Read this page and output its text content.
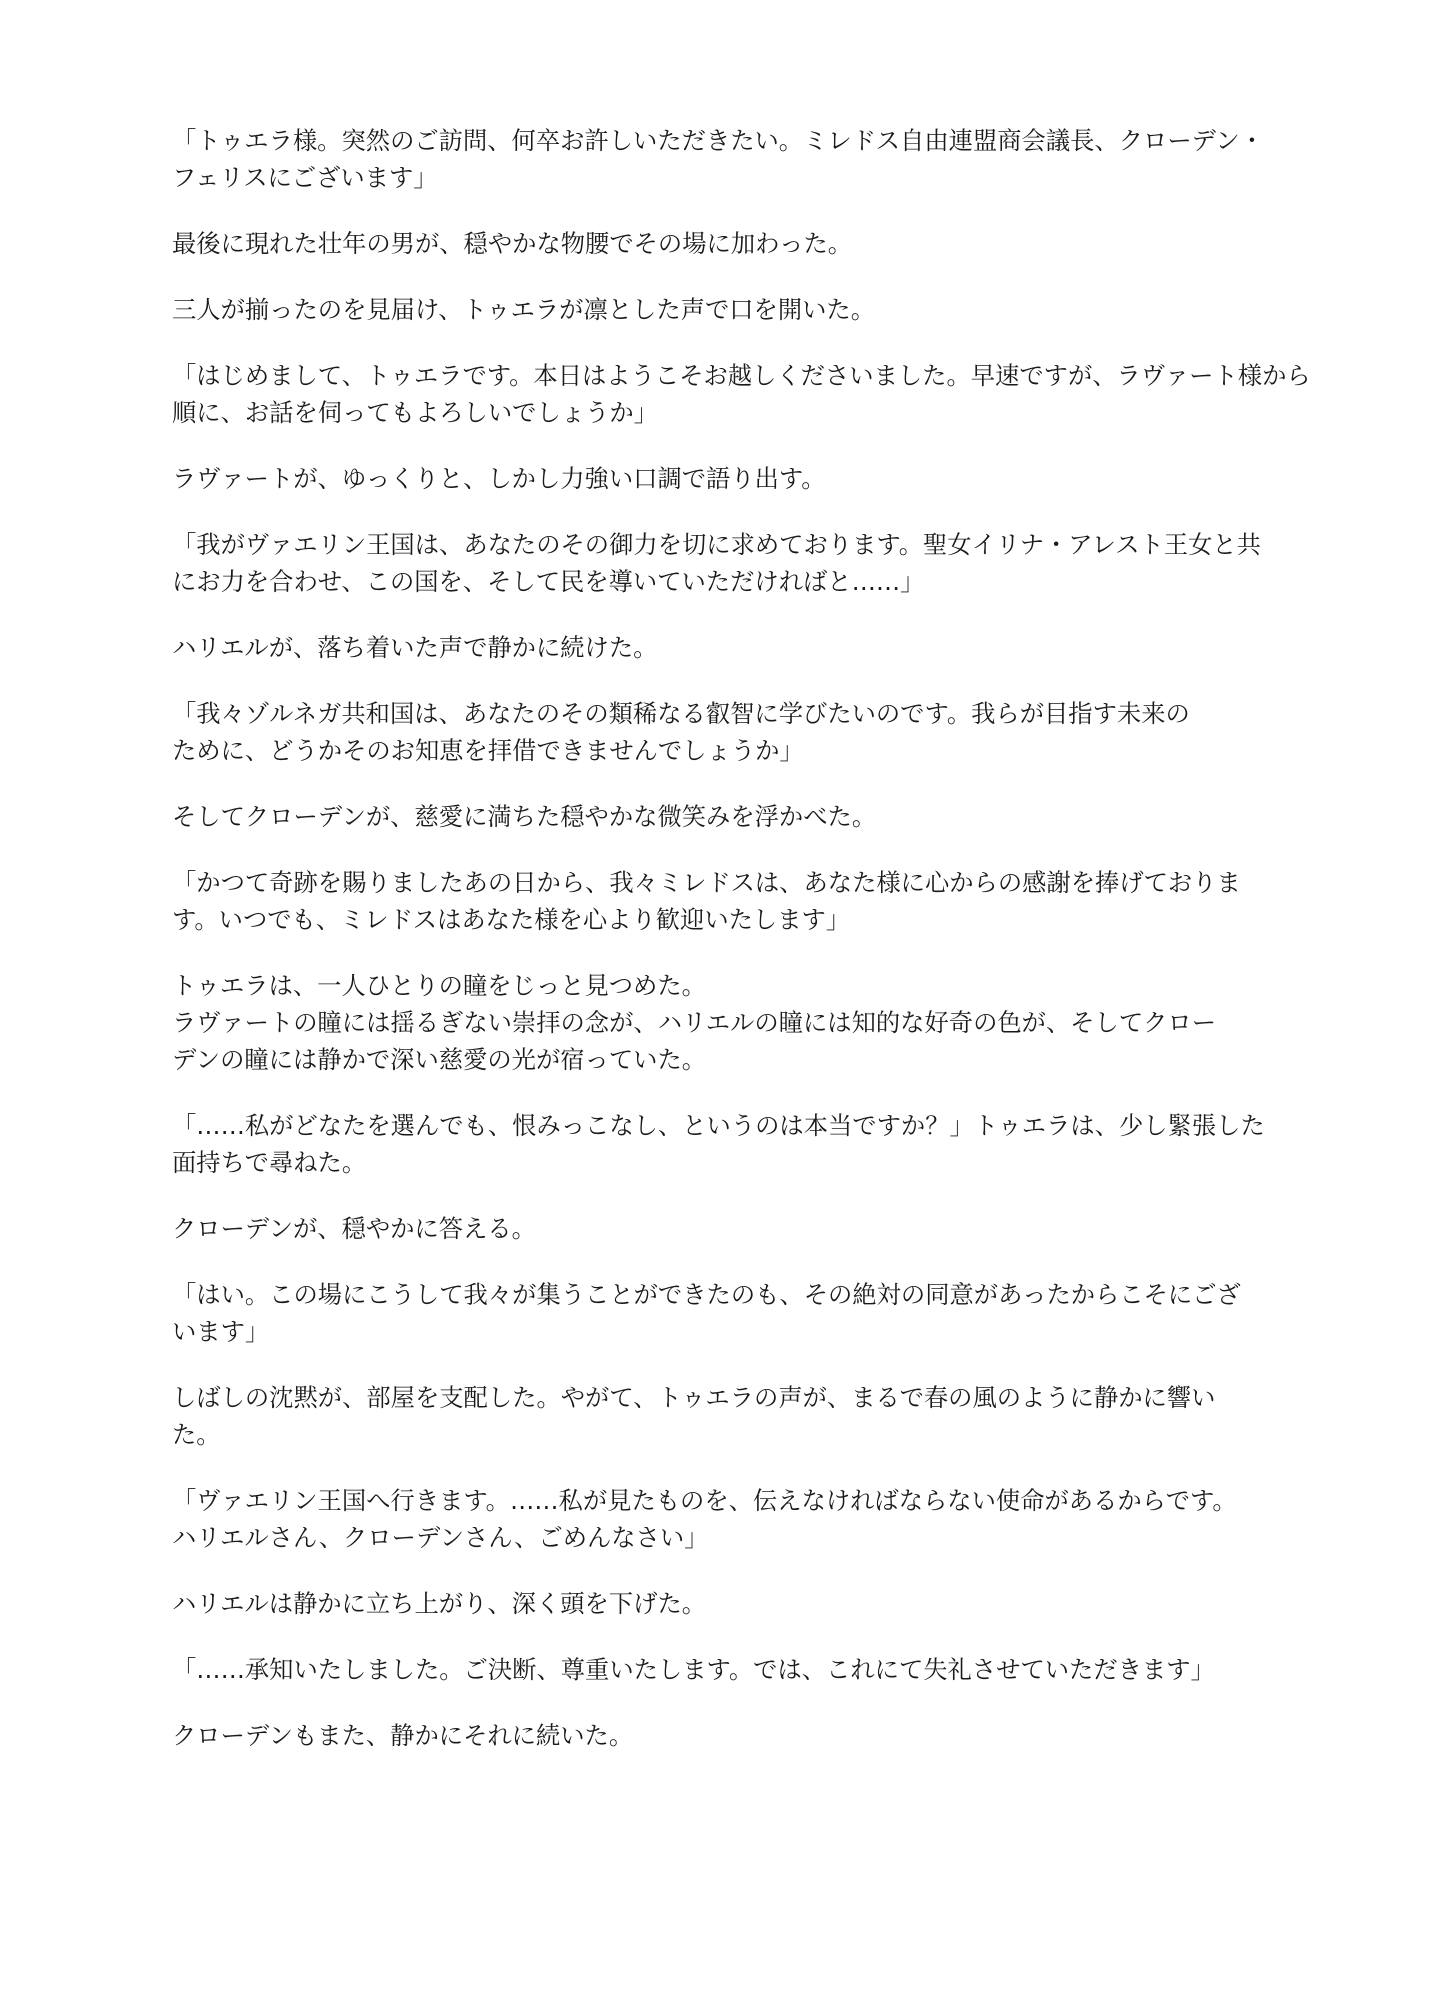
「トゥエラ様。突然のご訪問、何卒お許しいただきたい。ミレドス自由連盟商会議長、クローデン・
フェリスにございます」

最後に現れた壮年の男が、穏やかな物腰でその場に加わった。

三人が揃ったのを見届け、トゥエラが凛とした声で口を開いた。

「はじめまして、トゥエラです。本日はようこそお越しくださいました。早速ですが、ラヴァート様から
順に、お話を伺ってもよろしいでしょうか」

ラヴァートが、ゆっくりと、しかし力強い口調で語り出す。

「我がヴァエリン王国は、あなたのその御力を切に求めております。聖女イリナ・アレスト王女と共
にお力を合わせ、この国を、そして民を導いていただければと……」

ハリエルが、落ち着いた声で静かに続けた。

「我々ゾルネガ共和国は、あなたのその類稀なる叡智に学びたいのです。我らが目指す未来の
ために、どうかそのお知恵を拝借できませんでしょうか」

そしてクローデンが、慈愛に満ちた穏やかな微笑みを浮かべた。

「かつて奇跡を賜りましたあの日から、我々ミレドスは、あなた様に心からの感謝を捧げておりま
す。いつでも、ミレドスはあなた様を心より歓迎いたします」

トゥエラは、一人ひとりの瞳をじっと見つめた。
ラヴァートの瞳には揺るぎない崇拝の念が、ハリエルの瞳には知的な好奇の色が、そしてクロー
デンの瞳には静かで深い慈愛の光が宿っていた。

「……私がどなたを選んでも、恨みっこなし、というのは本当ですか？」トゥエラは、少し緊張した
面持ちで尋ねた。

クローデンが、穏やかに答える。

「はい。この場にこうして我々が集うことができたのも、その絶対の同意があったからこそにござ
います」

しばしの沈黙が、部屋を支配した。やがて、トゥエラの声が、まるで春の風のように静かに響い
た。

「ヴァエリン王国へ行きます。……私が見たものを、伝えなければならない使命があるからです。
ハリエルさん、クローデンさん、ごめんなさい」

ハリエルは静かに立ち上がり、深く頭を下げた。

「……承知いたしました。ご決断、尊重いたします。では、これにて失礼させていただきます」

クローデンもまた、静かにそれに続いた。
